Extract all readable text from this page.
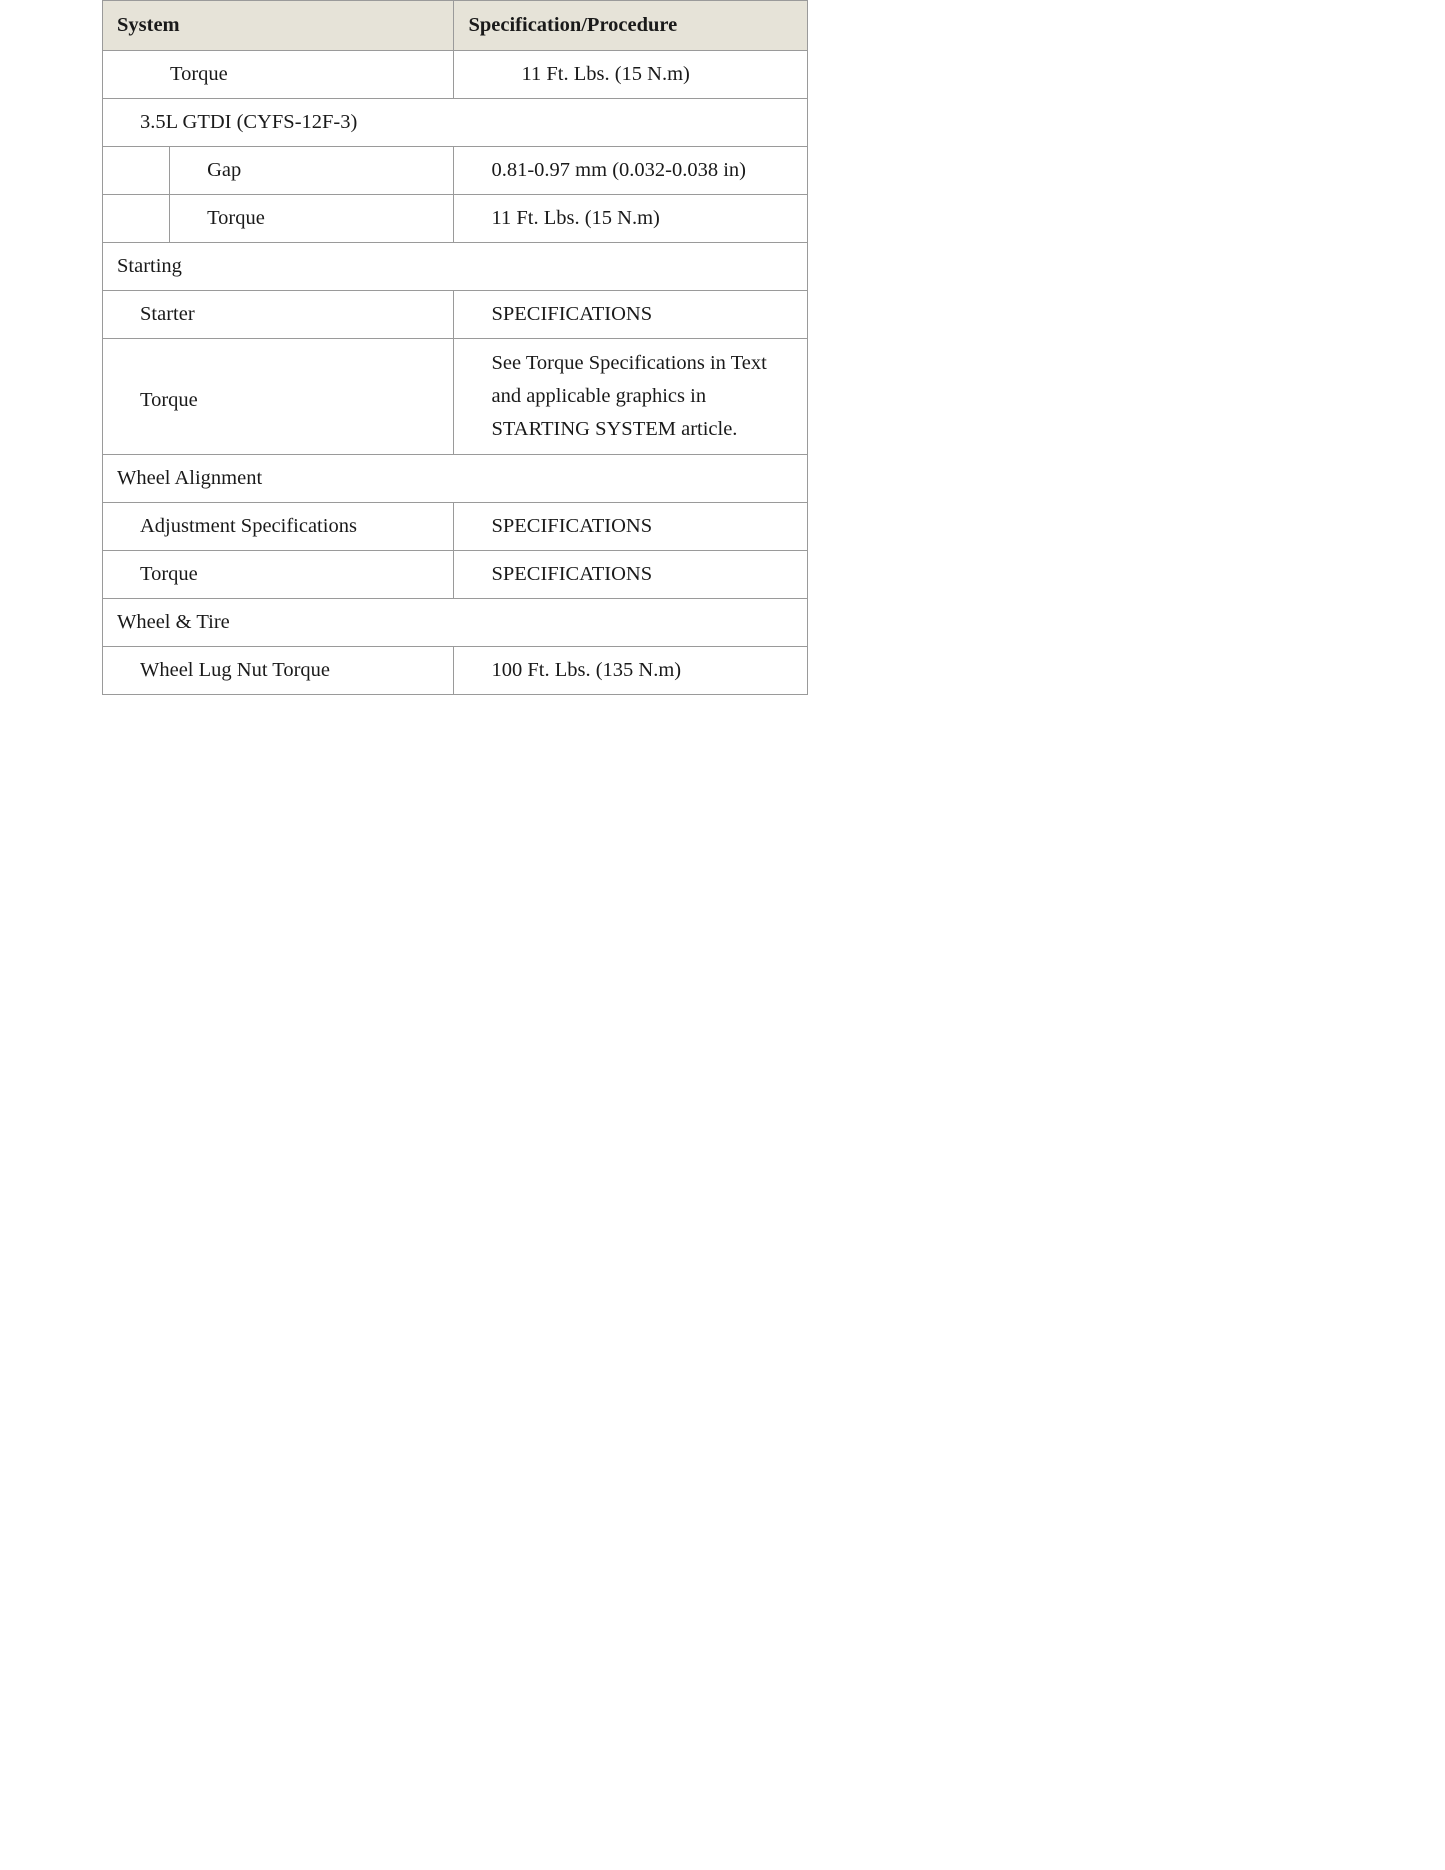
System		Specification/Procedure
Torque		11 Ft. Lbs. (15 N.m)
3.5L GTDI (CYFS-12F-3)		
	Gap	0.81-0.97 mm (0.032-0.038 in)
	Torque	11 Ft. Lbs. (15 N.m)
Starting		
Starter		SPECIFICATIONS
Torque		See Torque Specifications in Text and applicable graphics in STARTING SYSTEM article.
Wheel Alignment		
Adjustment Specifications		SPECIFICATIONS
Torque		SPECIFICATIONS
Wheel & Tire		
Wheel Lug Nut Torque		100 Ft. Lbs. (135 N.m)
